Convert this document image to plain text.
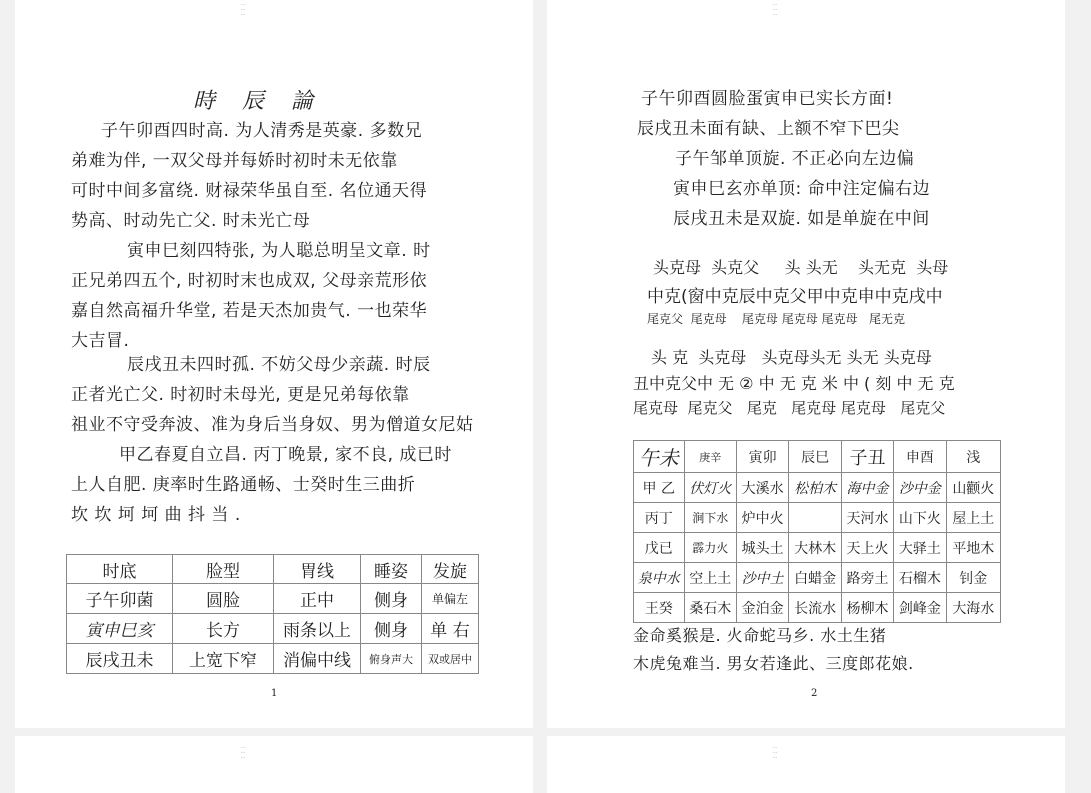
…
…
…
時 辰 論
子午卯酉四时高. 为人清秀是英豪. 多数兄
弟难为伴, 一双父母并每娇时初时未无依靠
可时中间多富绕. 财禄荣华虽自至. 名位通天得
势高、时动先亡父. 时未光亡母
寅申巳刻四特张, 为人聪总明呈文章. 时
正兄弟四五个, 时初时末也成双, 父母亲荒形依
嘉自然高福升华堂, 若是天杰加贵气. 一也荣华
大吉冒.
辰戌丑未四时孤. 不妨父母少亲蔬. 时辰
正者光亡父. 时初时未母光, 更是兄弟每依靠
祖业不守受奔波、准为身后当身奴、男为僧道女尼姑
甲乙春夏自立昌. 丙丁晚景, 家不良, 成已时
上人自肥. 庚率时生路通畅、士癸时生三曲折
坎 坎 坷 坷 曲 抖 当 .
时底	脸型	胃线	睡姿	发旋
子午卯菌	圆脸	正中	侧身	单偏左
寅申巳亥	长方	雨条以上	侧身	单 右
辰戌丑未	上宽下窄	消偏中线	俯身声大	双或居中
1
…
…
…
子午卯酉圆脸蛋寅申已实长方面!
辰戌丑未面有缺、上额不窄下巴尖
子午邹单顶旋. 不正必向左边偏
寅申巳玄亦单顶: 命中注定偏右边
辰戌丑未是双旋. 如是单旋在中间
头克母  头克父     头 头无    头无克  头母
中克(窗中克辰中克父甲中克申中克戌中
尾克父  尾克母    尾克母 尾克母 尾克母   尾无克
头 克  头克母   头克母头无 头无 头克母
丑中克父中 无 ② 中 无 克 米 中 ( 刻 中 无 克
尾克母  尾克父   尾克   尾克母 尾克母   尾克父
午未	庚辛	寅卯	辰巳	子丑	申酉	浅
甲 乙	伏灯火	大溪水	松柏木	海中金	沙中金	山颧火
丙丁	涧下水	炉中火		天河水	山下火	屋上土
戊已	霹力火	城头土	大林木	天上火	大驿土	平地木
泉中水	空上土	沙中土	白蜡金	路旁土	石榴木	钊金
王癸	桑石木	金泊金	长流水	杨柳木	剑峰金	大海水
金命奚猴是. 火命蛇马乡. 水土生猪
木虎兔难当. 男女若逢此、三度郎花娘.
2
…
…
…
…
…
…
